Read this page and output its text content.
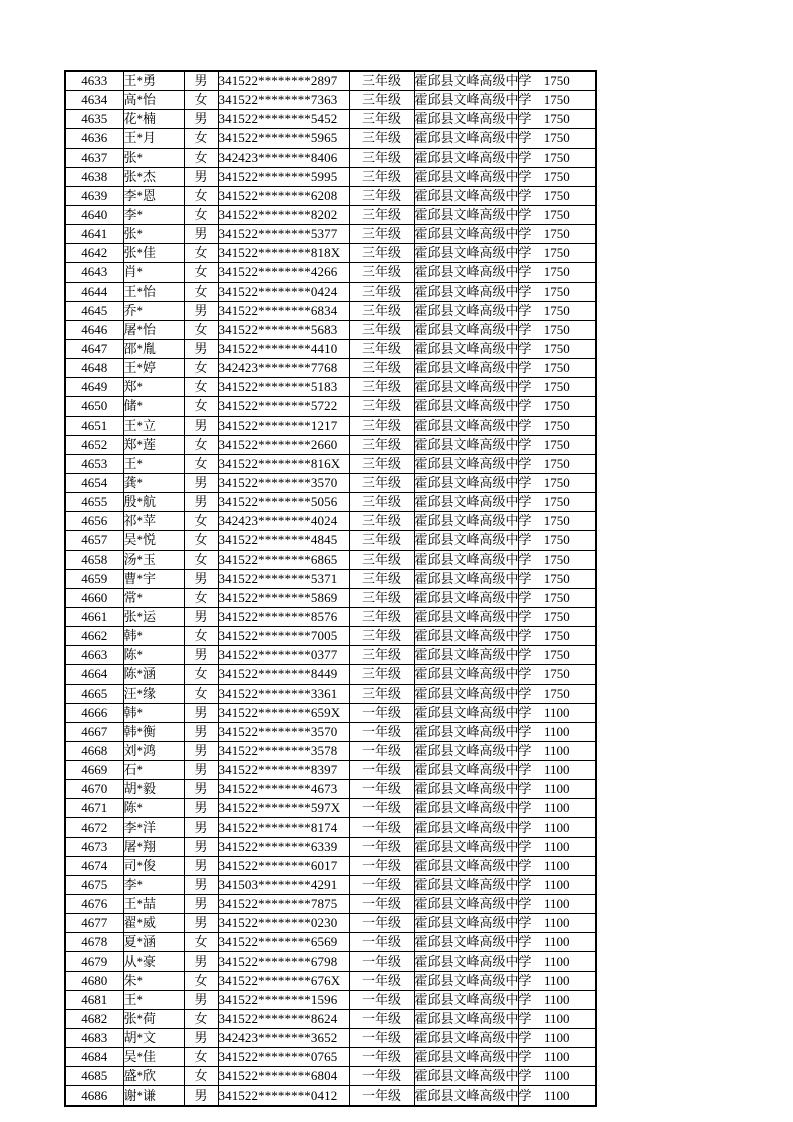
4633	王*勇	男	341522********2897	三年级	霍邱县文峰高级中学	1750
4634	高*怡	女	341522********7363	三年级	霍邱县文峰高级中学	1750
4635	花*楠	男	341522********5452	三年级	霍邱县文峰高级中学	1750
4636	王*月	女	341522********5965	三年级	霍邱县文峰高级中学	1750
4637	张*	女	342423********8406	三年级	霍邱县文峰高级中学	1750
4638	张*杰	男	341522********5995	三年级	霍邱县文峰高级中学	1750
4639	李*恩	女	341522********6208	三年级	霍邱县文峰高级中学	1750
4640	李*	女	341522********8202	三年级	霍邱县文峰高级中学	1750
4641	张*	男	341522********5377	三年级	霍邱县文峰高级中学	1750
4642	张*佳	女	341522********818X	三年级	霍邱县文峰高级中学	1750
4643	肖*	女	341522********4266	三年级	霍邱县文峰高级中学	1750
4644	王*怡	女	341522********0424	三年级	霍邱县文峰高级中学	1750
4645	乔*	男	341522********6834	三年级	霍邱县文峰高级中学	1750
4646	屠*怡	女	341522********5683	三年级	霍邱县文峰高级中学	1750
4647	邵*胤	男	341522********4410	三年级	霍邱县文峰高级中学	1750
4648	王*婷	女	342423********7768	三年级	霍邱县文峰高级中学	1750
4649	郑*	女	341522********5183	三年级	霍邱县文峰高级中学	1750
4650	储*	女	341522********5722	三年级	霍邱县文峰高级中学	1750
4651	王*立	男	341522********1217	三年级	霍邱县文峰高级中学	1750
4652	郑*莲	女	341522********2660	三年级	霍邱县文峰高级中学	1750
4653	王*	女	341522********816X	三年级	霍邱县文峰高级中学	1750
4654	龚*	男	341522********3570	三年级	霍邱县文峰高级中学	1750
4655	殷*航	男	341522********5056	三年级	霍邱县文峰高级中学	1750
4656	祁*苹	女	342423********4024	三年级	霍邱县文峰高级中学	1750
4657	吴*悦	女	341522********4845	三年级	霍邱县文峰高级中学	1750
4658	汤*玉	女	341522********6865	三年级	霍邱县文峰高级中学	1750
4659	曹*宇	男	341522********5371	三年级	霍邱县文峰高级中学	1750
4660	常*	女	341522********5869	三年级	霍邱县文峰高级中学	1750
4661	张*运	男	341522********8576	三年级	霍邱县文峰高级中学	1750
4662	韩*	女	341522********7005	三年级	霍邱县文峰高级中学	1750
4663	陈*	男	341522********0377	三年级	霍邱县文峰高级中学	1750
4664	陈*涵	女	341522********8449	三年级	霍邱县文峰高级中学	1750
4665	汪*缘	女	341522********3361	三年级	霍邱县文峰高级中学	1750
4666	韩*	男	341522********659X	一年级	霍邱县文峰高级中学	1100
4667	韩*衡	男	341522********3570	一年级	霍邱县文峰高级中学	1100
4668	刘*鸿	男	341522********3578	一年级	霍邱县文峰高级中学	1100
4669	石*	男	341522********8397	一年级	霍邱县文峰高级中学	1100
4670	胡*毅	男	341522********4673	一年级	霍邱县文峰高级中学	1100
4671	陈*	男	341522********597X	一年级	霍邱县文峰高级中学	1100
4672	李*洋	男	341522********8174	一年级	霍邱县文峰高级中学	1100
4673	屠*翔	男	341522********6339	一年级	霍邱县文峰高级中学	1100
4674	司*俊	男	341522********6017	一年级	霍邱县文峰高级中学	1100
4675	李*	男	341503********4291	一年级	霍邱县文峰高级中学	1100
4676	王*喆	男	341522********7875	一年级	霍邱县文峰高级中学	1100
4677	翟*威	男	341522********0230	一年级	霍邱县文峰高级中学	1100
4678	夏*涵	女	341522********6569	一年级	霍邱县文峰高级中学	1100
4679	从*豪	男	341522********6798	一年级	霍邱县文峰高级中学	1100
4680	朱*	女	341522********676X	一年级	霍邱县文峰高级中学	1100
4681	王*	男	341522********1596	一年级	霍邱县文峰高级中学	1100
4682	张*荷	女	341522********8624	一年级	霍邱县文峰高级中学	1100
4683	胡*文	男	342423********3652	一年级	霍邱县文峰高级中学	1100
4684	吴*佳	女	341522********0765	一年级	霍邱县文峰高级中学	1100
4685	盛*欣	女	341522********6804	一年级	霍邱县文峰高级中学	1100
4686	谢*谦	男	341522********0412	一年级	霍邱县文峰高级中学	1100
